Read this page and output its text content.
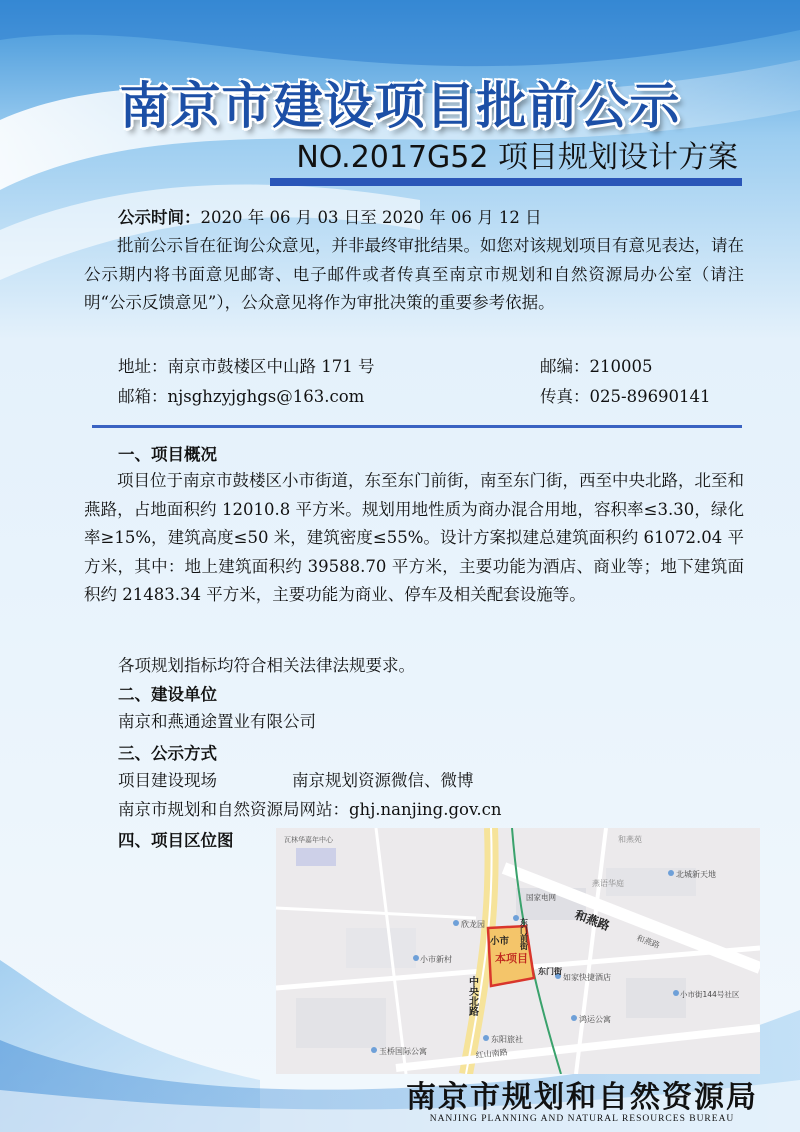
南京市建设项目批前公示
NO.2017G52 项目规划设计方案
公示时间：2020 年 06 月 03 日至 2020 年 06 月 12 日
批前公示旨在征询公众意见，并非最终审批结果。如您对该规划项目有意见表达，请在公示期内将书面意见邮寄、电子邮件或者传真至南京市规划和自然资源局办公室（请注明“公示反馈意见”），公众意见将作为审批决策的重要参考依据。
地址：南京市鼓楼区中山路 171 号	邮编：210005
邮箱：njsghzyjghgs@163.com	传真：025-89690141
一、项目概况
项目位于南京市鼓楼区小市街道，东至东门前街，南至东门街，西至中央北路，北至和燕路，占地面积约 12010.8 平方米。规划用地性质为商办混合用地，容积率≤3.30，绿化率≥15%，建筑高度≤50 米，建筑密度≤55%。设计方案拟建总建筑面积约 61072.04 平方米，其中：地上建筑面积约 39588.70 平方米，主要功能为酒店、商业等；地下建筑面积约 21483.34 平方米，主要功能为商业、停车及相关配套设施等。
各项规划指标均符合相关法律法规要求。
二、建设单位
南京和燕通途置业有限公司
三、公示方式
项目建设现场	南京规划资源微信、微博
南京市规划和自然资源局网站：ghj.nanjing.gov.cn
四、项目区位图
本项目
小市
和燕路
和燕路
中央北路
东门前街
东门街
红山南路
北城新天地
小市新村
欣龙园
如家快捷酒店
东阳旅社
鸿运公寓
玉桥国际公寓
小市街144号社区
国家电网
瓦林华嘉年中心	和燕苑
燕语华庭
南京市规划和自然资源局
NANJING PLANNING AND NATURAL RESOURCES BUREAU
